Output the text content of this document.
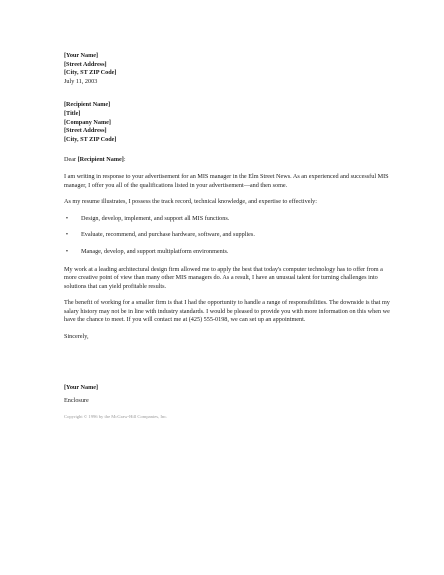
[Your Name]
[Street Address]
[City, ST ZIP Code]
July 11, 2003
[Recipient Name]
[Title]
[Company Name]
[Street Address]
[City, ST ZIP Code]

Dear [Recipient Name]:

I am writing in response to your advertisement for an MIS manager in the Elm Street News. As an experienced and successful MIS manager, I offer you all of the qualifications listed in your advertisement—and then some.

As my resume illustrates, I possess the track record, technical knowledge, and expertise to effectively:

•	Design, develop, implement, and support all MIS functions.
•	Evaluate, recommend, and purchase hardware, software, and supplies.
•	Manage, develop, and support multiplatform environments.

My work at a leading architectural design firm allowed me to apply the best that today's computer technology has to offer from a more creative point of view than many other MIS managers do. As a result, I have an unusual talent for turning challenges into solutions that can yield profitable results.

The benefit of working for a smaller firm is that I had the opportunity to handle a range of responsibilities. The downside is that my salary history may not be in line with industry standards. I would be pleased to provide you with more information on this when we have the chance to meet. If you will contact me at (425) 555-0198, we can set up an appointment.

Sincerely,
[Your Name]
Enclosure
Copyright © 1996 by the McGraw-Hill Companies, Inc.
